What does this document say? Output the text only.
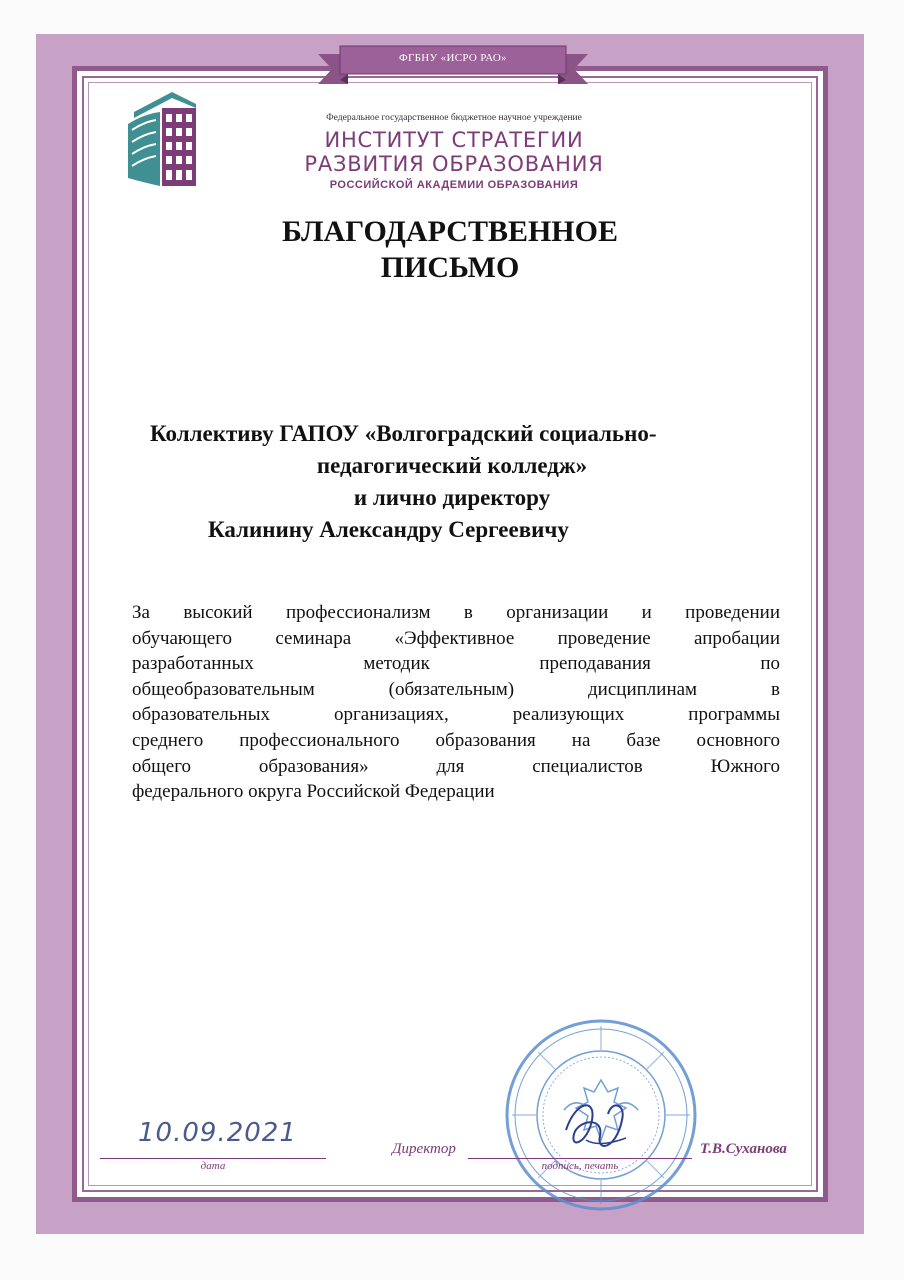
ФГБНУ «ИСРО РАО»
Федеральное государственное бюджетное научное учреждение
ИНСТИТУТ СТРАТЕГИИ
РАЗВИТИЯ ОБРАЗОВАНИЯ
РОССИЙСКОЙ АКАДЕМИИ ОБРАЗОВАНИЯ
БЛАГОДАРСТВЕННОЕ
ПИСЬМО
Коллективу ГАПОУ «Волгоградский социально-
педагогический колледж»
и лично директору
Калинину Александру Сергеевичу
За высокий профессионализм в организации и проведении
обучающего семинара «Эффективное проведение апробации
разработанных методик преподавания по
общеобразовательным (обязательным) дисциплинам в
образовательных организациях, реализующих программы
среднего профессионального образования на базе основного
общего образования» для специалистов Южного
федерального округа Российской Федерации
10.09.2021
дата
Директор
подпись, печать
Т.В.Суханова
